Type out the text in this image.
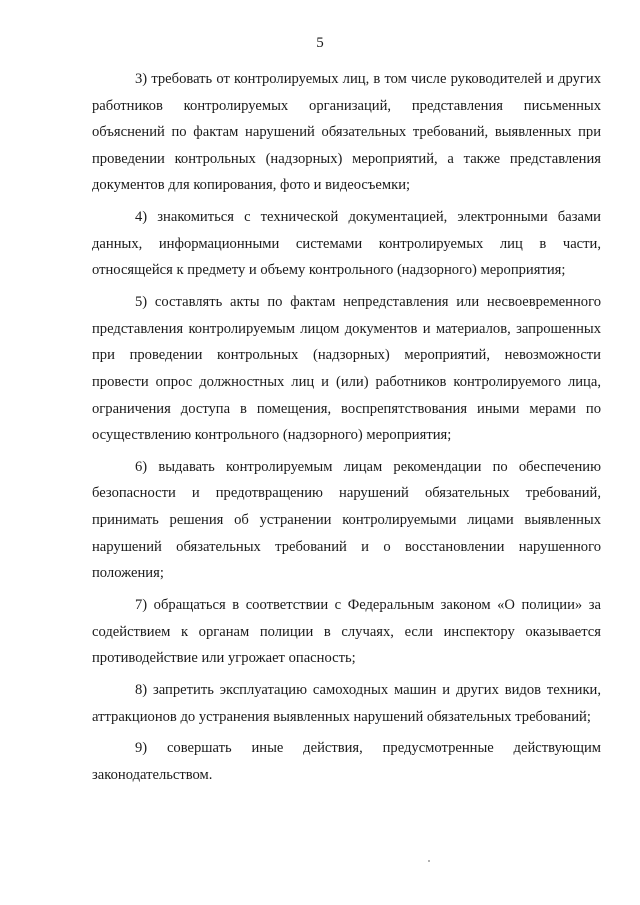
5

3) требовать от контролируемых лиц, в том числе руководителей и других работников контролируемых организаций, представления письменных объяснений по фактам нарушений обязательных требований, выявленных при проведении контрольных (надзорных) мероприятий, а также представления документов для копирования, фото и видеосъемки;

4) знакомиться с технической документацией, электронными базами данных, информационными системами контролируемых лиц в части, относящейся к предмету и объему контрольного (надзорного) мероприятия;

5) составлять акты по фактам непредставления или несвоевременного представления контролируемым лицом документов и материалов, запрошенных при проведении контрольных (надзорных) мероприятий, невозможности провести опрос должностных лиц и (или) работников контролируемого лица, ограничения доступа в помещения, воспрепятствования иными мерами по осуществлению контрольного (надзорного) мероприятия;

6) выдавать контролируемым лицам рекомендации по обеспечению безопасности и предотвращению нарушений обязательных требований, принимать решения об устранении контролируемыми лицами выявленных нарушений обязательных требований и о восстановлении нарушенного положения;

7) обращаться в соответствии с Федеральным законом «О полиции» за содействием к органам полиции в случаях, если инспектору оказывается противодействие или угрожает опасность;

8) запретить эксплуатацию самоходных машин и других видов техники, аттракционов до устранения выявленных нарушений обязательных требований;

9) совершать иные действия, предусмотренные действующим законодательством.
